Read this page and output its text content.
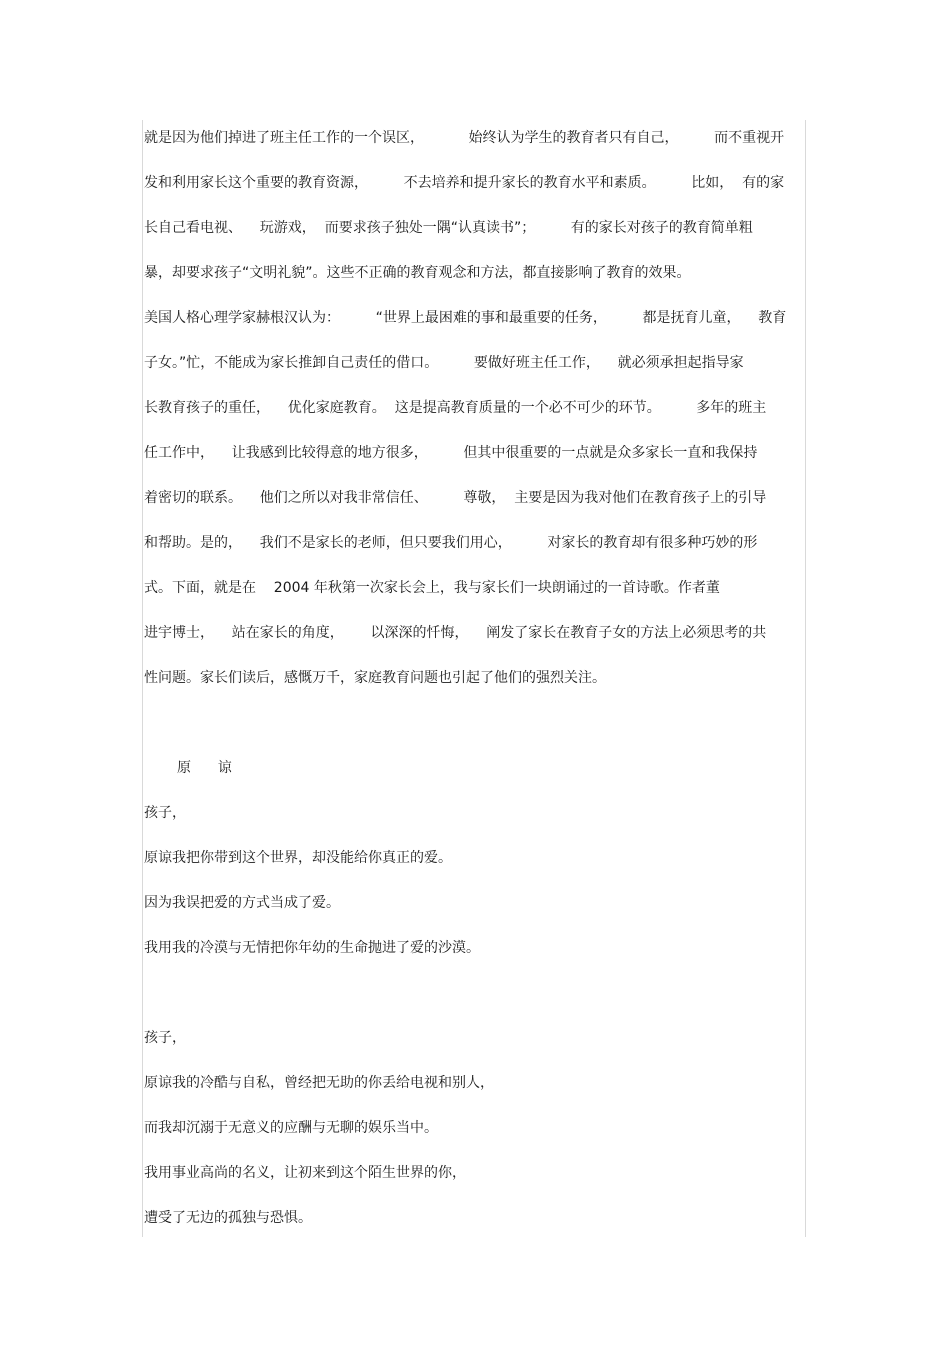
就是因为他们掉进了班主任工作的一个误区，          始终认为学生的教育者只有自己，        而不重视开
发和利用家长这个重要的教育资源，        不去培养和提升家长的教育水平和素质。        比如，  有的家
长自己看电视、    玩游戏，  而要求孩子独处一隅“认真读书”；        有的家长对孩子的教育简单粗
暴，却要求孩子“文明礼貌”。这些不正确的教育观念和方法，都直接影响了教育的效果。
美国人格心理学家赫根汉认为：        “世界上最困难的事和最重要的任务，        都是抚育儿童，    教育
子女。”忙，不能成为家长推卸自己责任的借口。        要做好班主任工作，    就必须承担起指导家
长教育孩子的重任，    优化家庭教育。  这是提高教育质量的一个必不可少的环节。        多年的班主
任工作中，    让我感到比较得意的地方很多，        但其中很重要的一点就是众多家长一直和我保持
着密切的联系。    他们之所以对我非常信任、        尊敬，  主要是因为我对他们在教育孩子上的引导
和帮助。是的，    我们不是家长的老师，但只要我们用心，        对家长的教育却有很多种巧妙的形
式。下面，就是在    2004 年秋第一次家长会上，我与家长们一块朗诵过的一首诗歌。作者董
进宇博士，    站在家长的角度，      以深深的忏悔，    阐发了家长在教育子女的方法上必须思考的共
性问题。家长们读后，感慨万千，家庭教育问题也引起了他们的强烈关注。
原      谅
孩子，
原谅我把你带到这个世界，却没能给你真正的爱。
因为我误把爱的方式当成了爱。
我用我的冷漠与无情把你年幼的生命抛进了爱的沙漠。
孩子，
原谅我的冷酷与自私，曾经把无助的你丢给电视和别人，
而我却沉溺于无意义的应酬与无聊的娱乐当中。
我用事业高尚的名义，让初来到这个陌生世界的你，
遭受了无边的孤独与恐惧。
